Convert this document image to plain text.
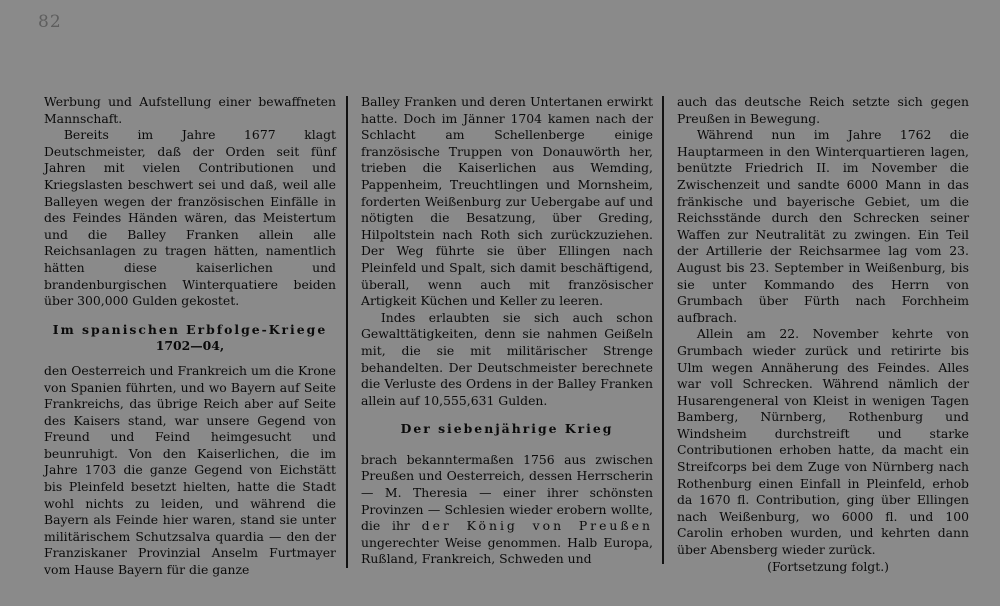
82

Werbung und Aufstellung einer bewaffneten Mannschaft.

Bereits im Jahre 1677 klagt Deutschmeister, daß der Orden seit fünf Jahren mit vielen Contributionen und Kriegslasten beschwert sei und daß, weil alle Balleyen wegen der französischen Einfälle in des Feindes Händen wären, das Meistertum und die Balley Franken allein alle Reichsanlagen zu tragen hätten, namentlich hätten diese kaiserlichen und brandenburgischen Winterquatiere beiden über 300,000 Gulden gekostet.

Im spanischen Erbfolge-Kriege

1702—04,

den Oesterreich und Frankreich um die Krone von Spanien führten, und wo Bayern auf Seite Frankreichs, das übrige Reich aber auf Seite des Kaisers stand, war unsere Gegend von Freund und Feind heimgesucht und beunruhigt. Von den Kaiserlichen, die im Jahre 1703 die ganze Gegend von Eichstätt bis Pleinfeld besetzt hielten, hatte die Stadt wohl nichts zu leiden, und während die Bayern als Feinde hier waren, stand sie unter militärischem Schutzsalva quardia — den der Franziskaner Provinzial Anselm Furtmayer vom Hause Bayern für die ganze

Balley Franken und deren Untertanen erwirkt hatte. Doch im Jänner 1704 kamen nach der Schlacht am Schellenberge einige französische Truppen von Donauwörth her, trieben die Kaiserlichen aus Wemding, Pappenheim, Treuchtlingen und Mornsheim, forderten Weißenburg zur Uebergabe auf und nötigten die Besatzung, über Greding, Hilpoltstein nach Roth sich zurückzuziehen. Der Weg führte sie über Ellingen nach Pleinfeld und Spalt, sich damit beschäftigend, überall, wenn auch mit französischer Artigkeit Küchen und Keller zu leeren.

Indes erlaubten sie sich auch schon Gewalttätigkeiten, denn sie nahmen Geißeln mit, die sie mit militärischer Strenge behandelten. Der Deutschmeister berechnete die Verluste des Ordens in der Balley Franken allein auf 10,555,631 Gulden.

Der siebenjährige Krieg

brach bekanntermaßen 1756 aus zwischen Preußen und Oesterreich, dessen Herrscherin — M. Theresia — einer ihrer schönsten Provinzen — Schlesien wieder erobern wollte, die ihr der König von Preußen ungerechter Weise genommen. Halb Europa, Rußland, Frankreich, Schweden und

auch das deutsche Reich setzte sich gegen Preußen in Bewegung.

Während nun im Jahre 1762 die Hauptarmeen in den Winterquartieren lagen, benützte Friedrich II. im November die Zwischenzeit und sandte 6000 Mann in das fränkische und bayerische Gebiet, um die Reichsstände durch den Schrecken seiner Waffen zur Neutralität zu zwingen. Ein Teil der Artillerie der Reichsarmee lag vom 23. August bis 23. September in Weißenburg, bis sie unter Kommando des Herrn von Grumbach über Fürth nach Forchheim aufbrach.

Allein am 22. November kehrte von Grumbach wieder zurück und retirirte bis Ulm wegen Annäherung des Feindes. Alles war voll Schrecken. Während nämlich der Husarengeneral von Kleist in wenigen Tagen Bamberg, Nürnberg, Rothenburg und Windsheim durchstreift und starke Contributionen erhoben hatte, da macht ein Streifcorps bei dem Zuge von Nürnberg nach Rothenburg einen Einfall in Pleinfeld, erhob da 1670 fl. Contribution, ging über Ellingen nach Weißenburg, wo 6000 fl. und 100 Carolin erhoben wurden, und kehrten dann über Abensberg wieder zurück.

(Fortsetzung folgt.)
